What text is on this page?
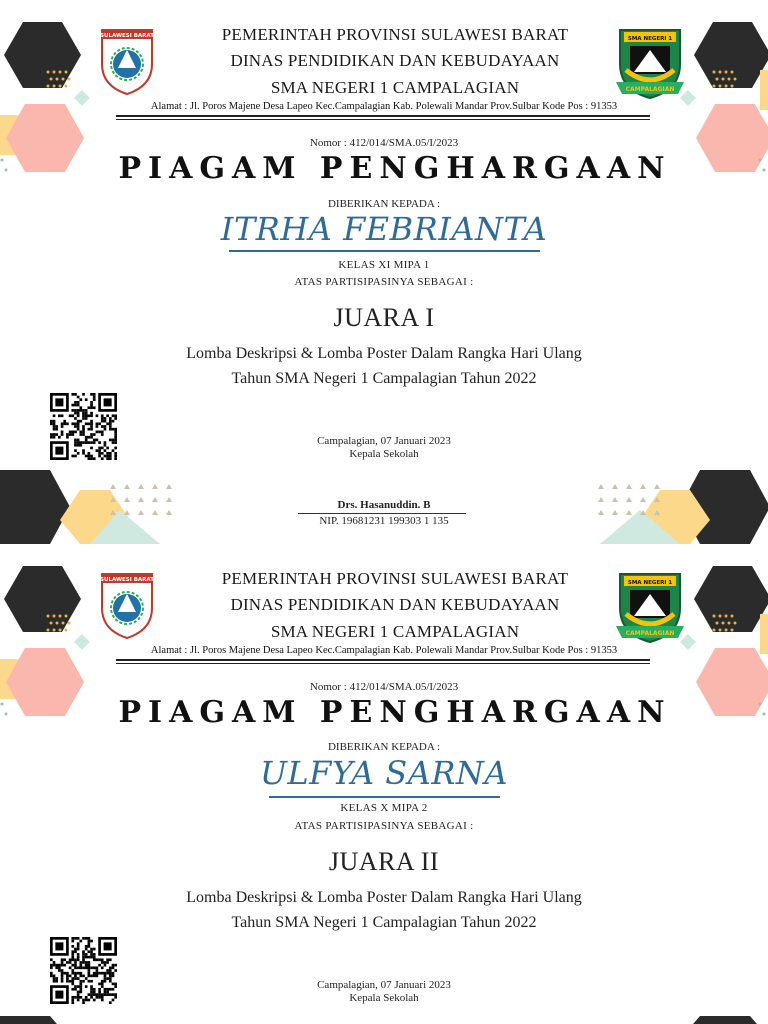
SULAWESI BARAT	PEMERINTAH PROVINSI SULAWESI BARAT
DINAS PENDIDIKAN DAN KEBUDAYAAN
SMA NEGERI 1 CAMPALAGIAN
SMA NEGERI 1
CAMPALAGIAN
Alamat : Jl. Poros Majene Desa Lapeo Kec.Campalagian Kab. Polewali Mandar Prov.Sulbar Kode Pos : 91353
Nomor : 412/014/SMA.05/I/2023
PIAGAM PENGHARGAAN
DIBERIKAN KEPADA :
ITRHA FEBRIANTA
KELAS XI MIPA 1
ATAS PARTISIPASINYA SEBAGAI :
JUARA I
Lomba Deskripsi & Lomba Poster Dalam Rangka Hari Ulang
Tahun SMA Negeri 1 Campalagian Tahun 2022
Campalagian, 07 Januari 2023
Kepala Sekolah
Drs. Hasanuddin. B
NIP. 19681231 199303 1 135
SULAWESI BARAT	PEMERINTAH PROVINSI SULAWESI BARAT
DINAS PENDIDIKAN DAN KEBUDAYAAN
SMA NEGERI 1 CAMPALAGIAN
SMA NEGERI 1
CAMPALAGIAN
Alamat : Jl. Poros Majene Desa Lapeo Kec.Campalagian Kab. Polewali Mandar Prov.Sulbar Kode Pos : 91353
Nomor : 412/014/SMA.05/I/2023
PIAGAM PENGHARGAAN
DIBERIKAN KEPADA :
ULFYA SARNA
KELAS X MIPA 2
ATAS PARTISIPASINYA SEBAGAI :
JUARA II
Lomba Deskripsi & Lomba Poster Dalam Rangka Hari Ulang
Tahun SMA Negeri 1 Campalagian Tahun 2022
Campalagian, 07 Januari 2023
Kepala Sekolah
